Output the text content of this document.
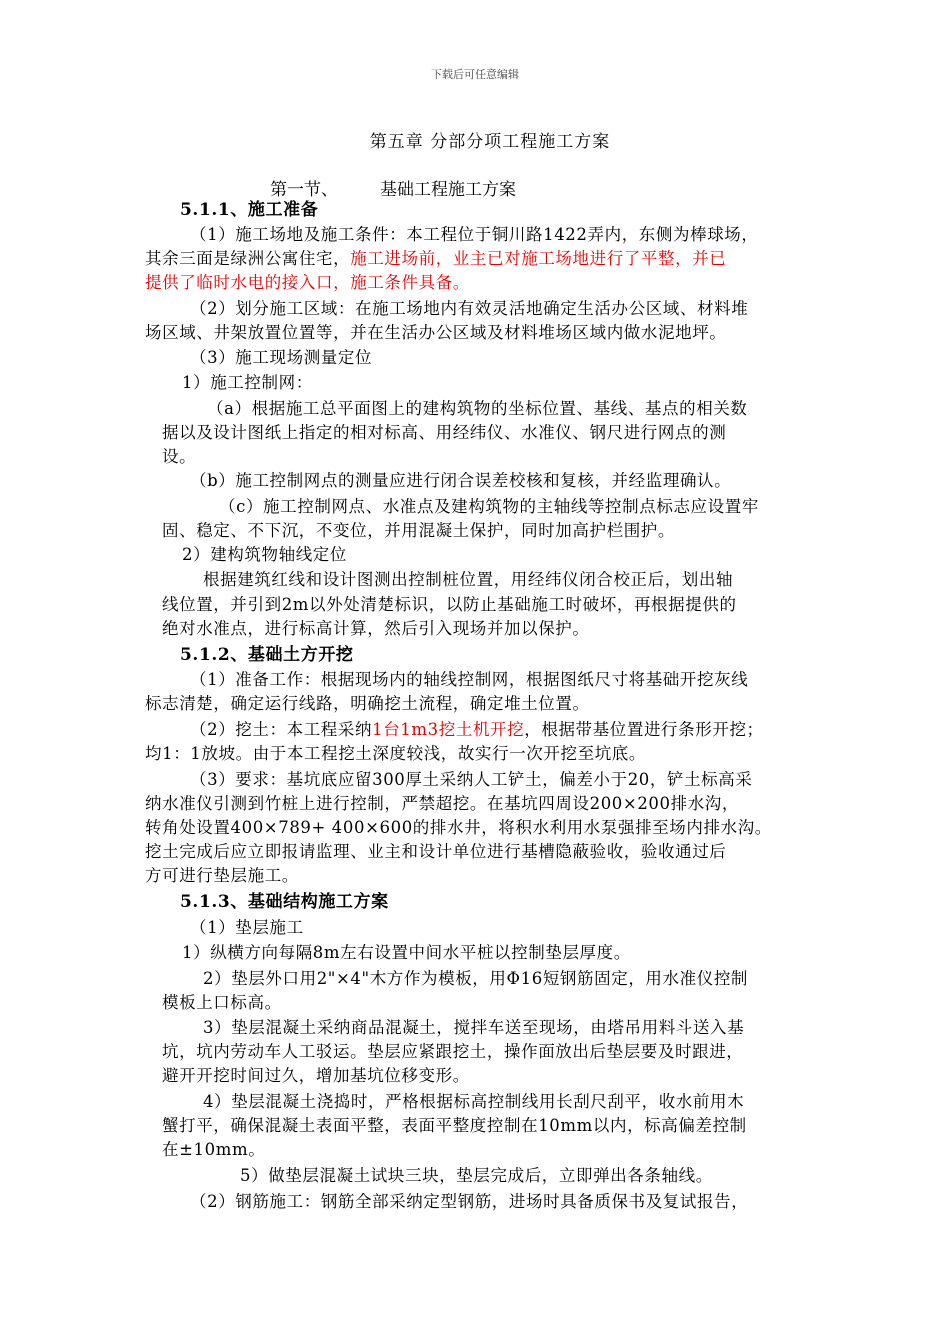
下载后可任意编辑
第五章 分部分项工程施工方案
第一节、 基础工程施工方案
5.1.1、施工准备
（1）施工场地及施工条件：本工程位于铜川路1422弄内，东侧为棒球场，
其余三面是绿洲公寓住宅，施工进场前，业主已对施工场地进行了平整，并已
提供了临时水电的接入口，施工条件具备。
（2）划分施工区域：在施工场地内有效灵活地确定生活办公区域、材料堆
场区域、井架放置位置等，并在生活办公区域及材料堆场区域内做水泥地坪。
（3）施工现场测量定位
1）施工控制网：
（a）根据施工总平面图上的建构筑物的坐标位置、基线、基点的相关数
据以及设计图纸上指定的相对标高、用经纬仪、水准仪、钢尺进行网点的测
设。
（b）施工控制网点的测量应进行闭合误差校核和复核，并经监理确认。
（c）施工控制网点、水准点及建构筑物的主轴线等控制点标志应设置牢
固、稳定、不下沉，不变位，并用混凝土保护，同时加高护栏围护。
2）建构筑物轴线定位
根据建筑红线和设计图测出控制桩位置，用经纬仪闭合校正后，划出轴
线位置，并引到2m以外处清楚标识，以防止基础施工时破坏，再根据提供的
绝对水准点，进行标高计算，然后引入现场并加以保护。
5.1.2、基础土方开挖
（1）准备工作：根据现场内的轴线控制网，根据图纸尺寸将基础开挖灰线
标志清楚，确定运行线路，明确挖土流程，确定堆土位置。
（2）挖土：本工程采纳1台1m3挖土机开挖，根据带基位置进行条形开挖；
均1：1放坡。由于本工程挖土深度较浅，故实行一次开挖至坑底。
（3）要求：基坑底应留300厚土采纳人工铲土，偏差小于20，铲土标高采
纳水准仪引测到竹桩上进行控制，严禁超挖。在基坑四周设200×200排水沟，
转角处设置400×789+ 400×600的排水井，将积水利用水泵强排至场内排水沟。
挖土完成后应立即报请监理、业主和设计单位进行基槽隐蔽验收，验收通过后
方可进行垫层施工。
5.1.3、基础结构施工方案
（1）垫层施工
1）纵横方向每隔8m左右设置中间水平桩以控制垫层厚度。
2）垫层外口用2"×4"木方作为模板，用Φ16短钢筋固定，用水准仪控制
模板上口标高。
3）垫层混凝土采纳商品混凝土，搅拌车送至现场，由塔吊用料斗送入基
坑，坑内劳动车人工驳运。垫层应紧跟挖土，操作面放出后垫层要及时跟进，
避开开挖时间过久，增加基坑位移变形。
4）垫层混凝土浇捣时，严格根据标高控制线用长刮尺刮平，收水前用木
蟹打平，确保混凝土表面平整，表面平整度控制在10mm以内，标高偏差控制
在±10mm。
5）做垫层混凝土试块三块，垫层完成后，立即弹出各条轴线。
（2）钢筋施工：钢筋全部采纳定型钢筋，进场时具备质保书及复试报告，
